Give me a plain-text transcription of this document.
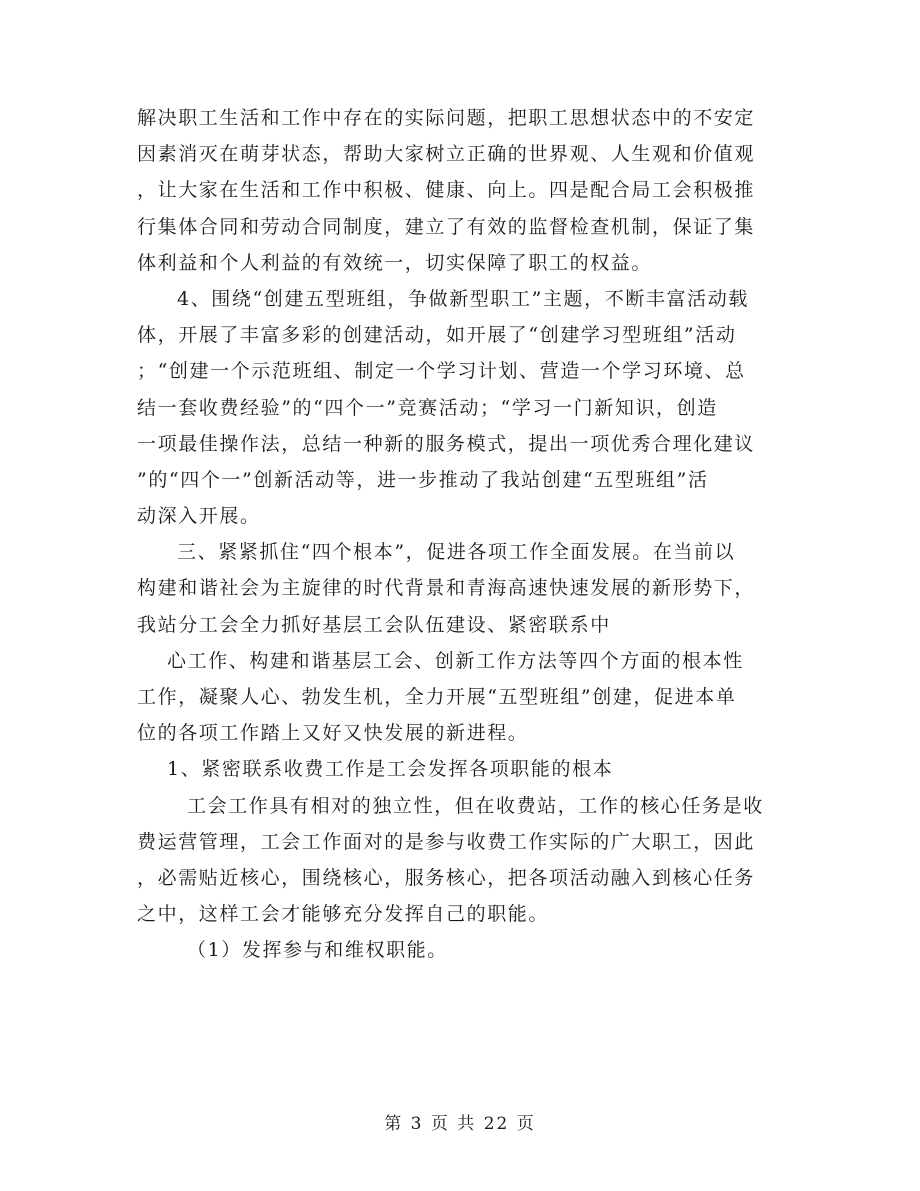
解决职工生活和工作中存在的实际问题，把职工思想状态中的不安定
因素消灭在萌芽状态，帮助大家树立正确的世界观、人生观和价值观
，让大家在生活和工作中积极、健康、向上。四是配合局工会积极推
行集体合同和劳动合同制度，建立了有效的监督检查机制，保证了集
体利益和个人利益的有效统一，切实保障了职工的权益。
4、围绕“创建五型班组，争做新型职工”主题，不断丰富活动载
体，开展了丰富多彩的创建活动，如开展了“创建学习型班组”活动
；“创建一个示范班组、制定一个学习计划、营造一个学习环境、总
结一套收费经验”的“四个一”竞赛活动；“学习一门新知识，创造
一项最佳操作法，总结一种新的服务模式，提出一项优秀合理化建议
”的“四个一”创新活动等，进一步推动了我站创建“五型班组”活
动深入开展。
三、紧紧抓住“四个根本”，促进各项工作全面发展。在当前以
构建和谐社会为主旋律的时代背景和青海高速快速发展的新形势下，
我站分工会全力抓好基层工会队伍建设、紧密联系中
心工作、构建和谐基层工会、创新工作方法等四个方面的根本性
工作，凝聚人心、勃发生机，全力开展“五型班组”创建，促进本单
位的各项工作踏上又好又快发展的新进程。
1、紧密联系收费工作是工会发挥各项职能的根本
工会工作具有相对的独立性，但在收费站，工作的核心任务是收
费运营管理，工会工作面对的是参与收费工作实际的广大职工，因此
，必需贴近核心，围绕核心，服务核心，把各项活动融入到核心任务
之中，这样工会才能够充分发挥自己的职能。
（1）发挥参与和维权职能。
第 3 页 共 22 页
